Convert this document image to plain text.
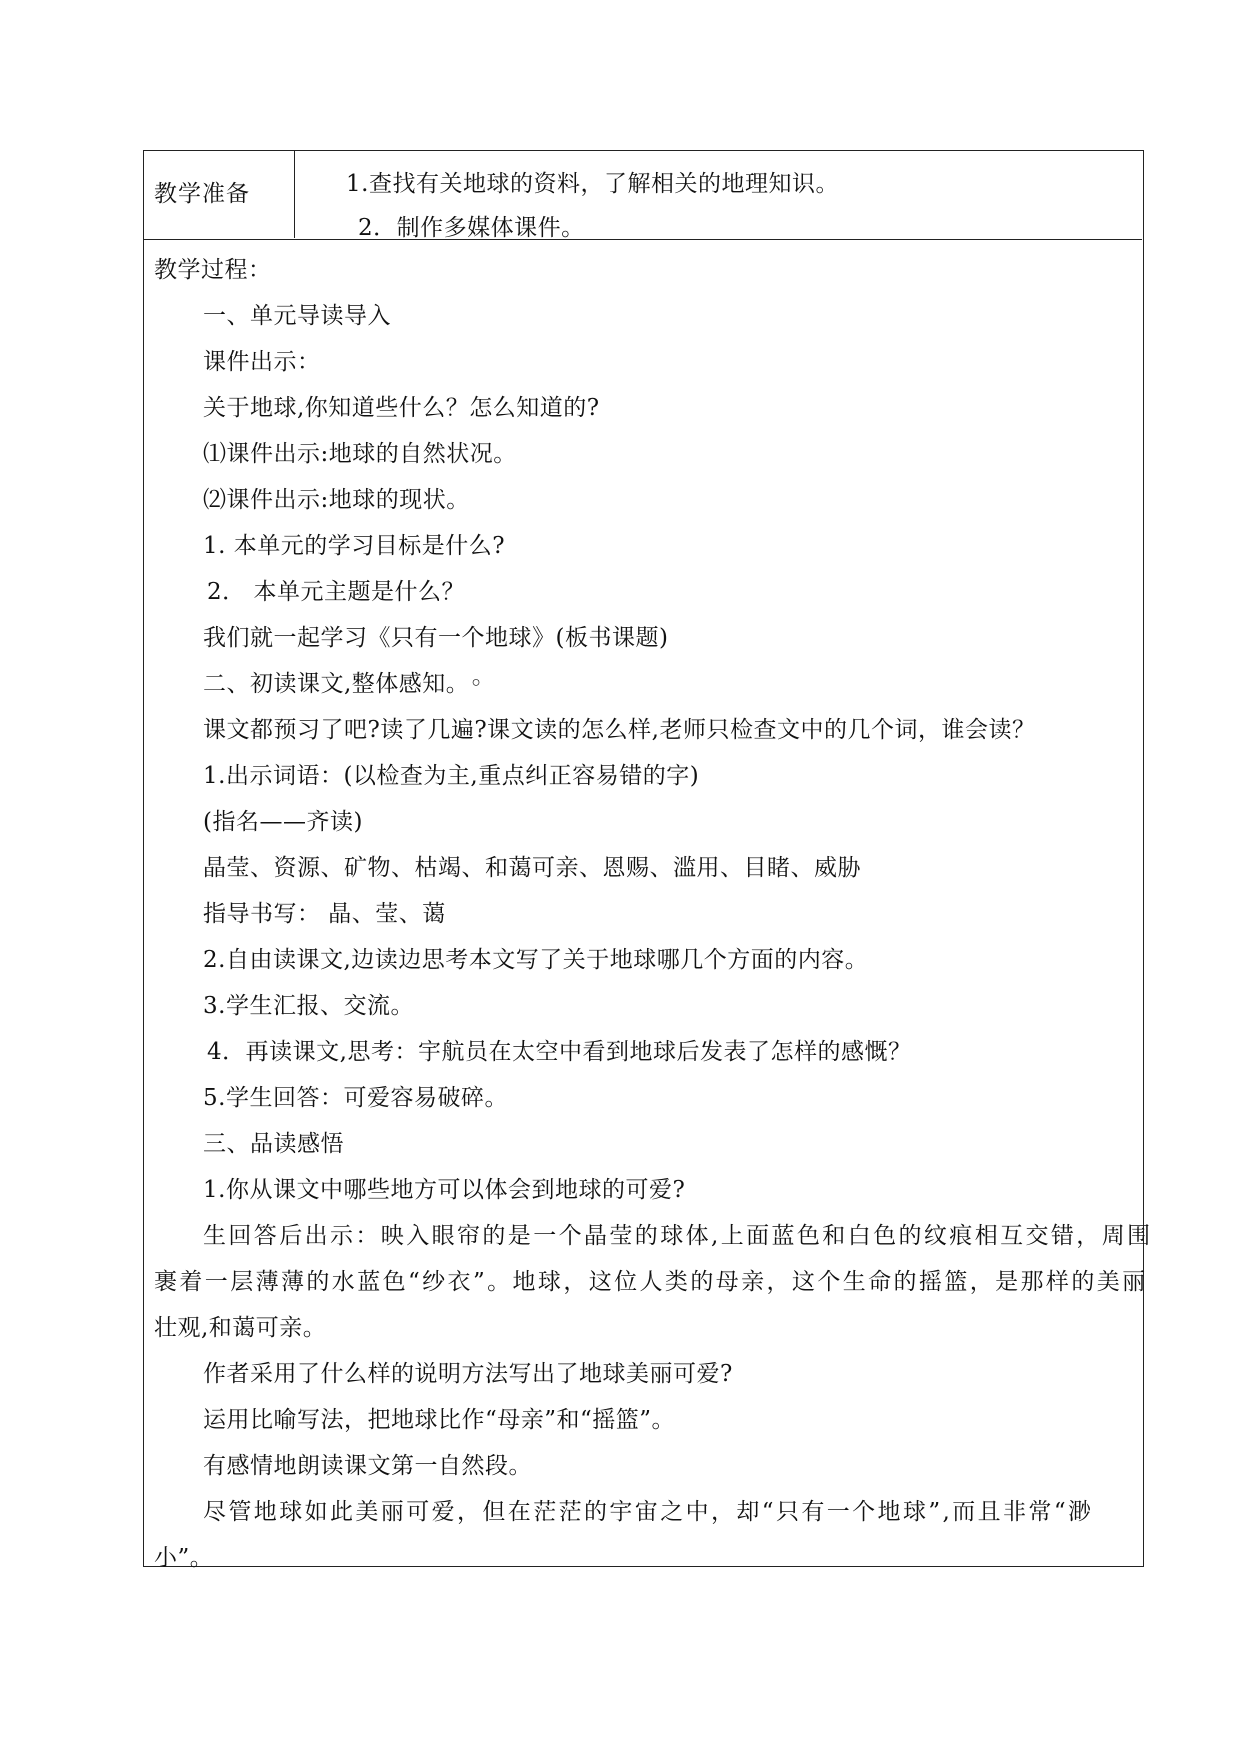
教学准备	1.查找有关地球的资料，了解相关的地理知识。
2．制作多媒体课件。
教学过程：
一、单元导读导入
课件出示：
关于地球,你知道些什么？怎么知道的?
⑴课件出示:地球的自然状况。
⑵课件出示:地球的现状。
1. 本单元的学习目标是什么?
2． 本单元主题是什么？
我们就一起学习《只有一个地球》(板书课题)
二、初读课文,整体感知。◦
课文都预习了吧?读了几遍?课文读的怎么样,老师只检查文中的几个词，谁会读？
1.出示词语：(以检查为主,重点纠正容易错的字)
(指名——齐读)
晶莹、资源、矿物、枯竭、和蔼可亲、恩赐、滥用、目睹、威胁
指导书写： 晶、莹、蔼
2.自由读课文,边读边思考本文写了关于地球哪几个方面的内容。
3.学生汇报、交流。
4．再读课文,思考：宇航员在太空中看到地球后发表了怎样的感慨？
5.学生回答：可爱容易破碎。
三、品读感悟
1.你从课文中哪些地方可以体会到地球的可爱?
生回答后出示：映入眼帘的是一个晶莹的球体,上面蓝色和白色的纹痕相互交错，周围
裹着一层薄薄的水蓝色“纱衣”。地球，这位人类的母亲，这个生命的摇篮，是那样的美丽
壮观,和蔼可亲。
作者采用了什么样的说明方法写出了地球美丽可爱?
运用比喻写法，把地球比作“母亲”和“摇篮”。
有感情地朗读课文第一自然段。
尽管地球如此美丽可爱，但在茫茫的宇宙之中，却“只有一个地球”,而且非常“渺
小”。
